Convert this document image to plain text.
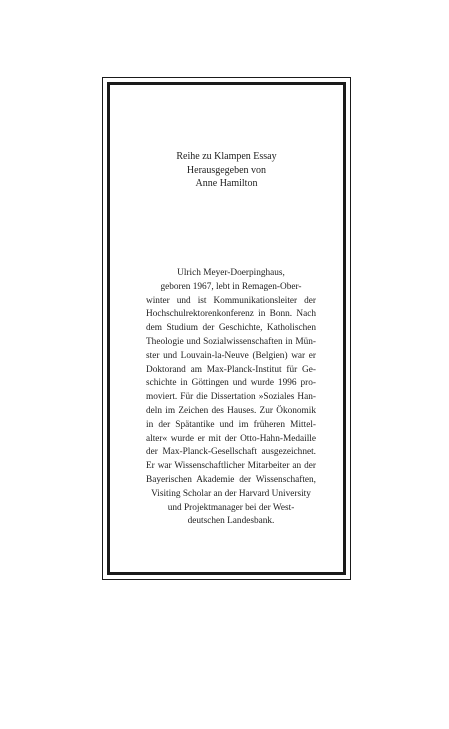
Reihe zu Klampen Essay
Herausgegeben von
Anne Hamilton
Ulrich Meyer-Doerpinghaus,
geboren 1967, lebt in Remagen-Ober-
winter und ist Kommunikationsleiter der
Hochschulrektorenkonferenz in Bonn. Nach
dem Studium der Geschichte, Katholischen
Theologie und Sozialwissenschaften in Mün-
ster und Louvain-la-Neuve (Belgien) war er
Doktorand am Max-Planck-Institut für Ge-
schichte in Göttingen und wurde 1996 pro-
moviert. Für die Dissertation »Soziales Han-
deln im Zeichen des Hauses. Zur Ökonomik
in der Spätantike und im früheren Mittel-
alter« wurde er mit der Otto-Hahn-Medaille
der Max-Planck-Gesellschaft ausgezeichnet.
Er war Wissenschaftlicher Mitarbeiter an der
Bayerischen Akademie der Wissenschaften,
Visiting Scholar an der Harvard University
und Projektmanager bei der West-
deutschen Landesbank.
